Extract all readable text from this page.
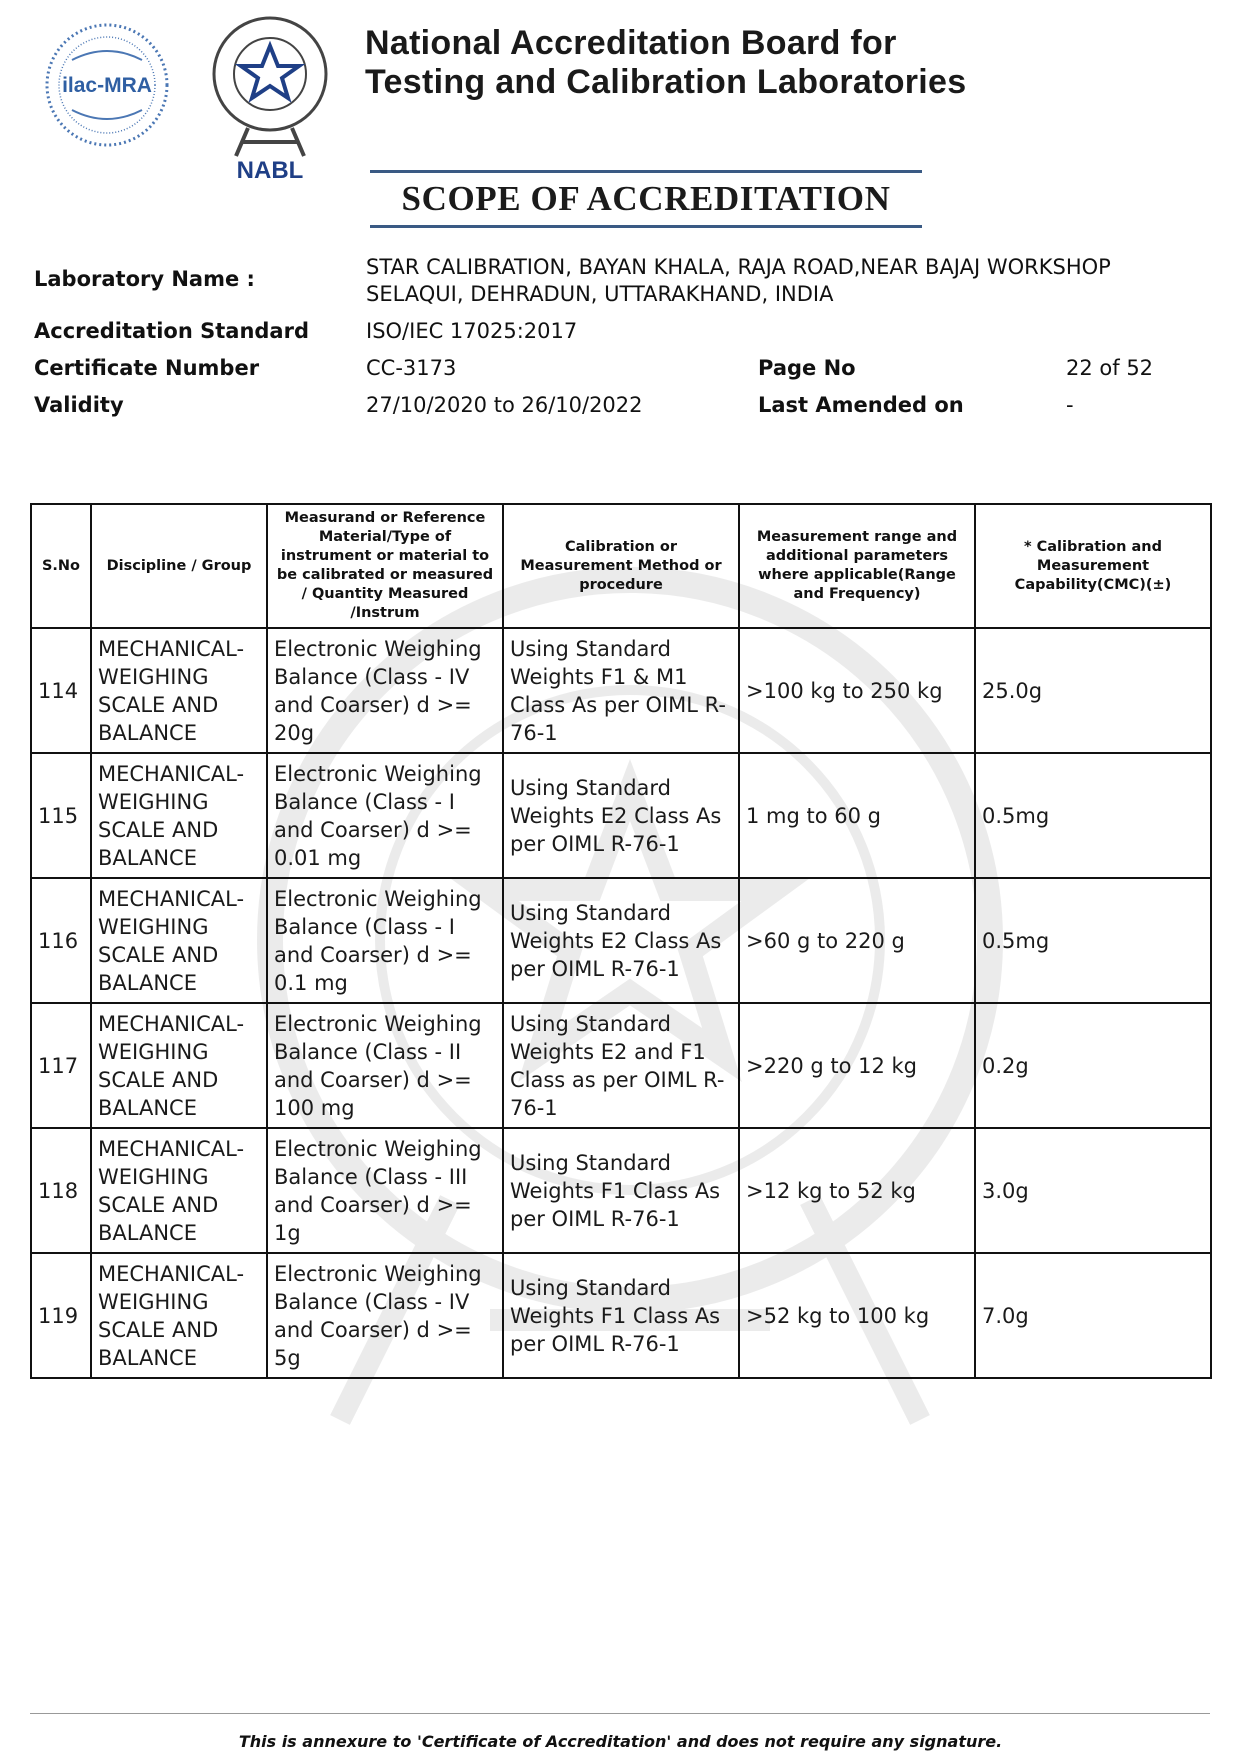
ilac-MRA
NABL
National Accreditation Board for
Testing and Calibration Laboratories
SCOPE OF ACCREDITATION
Laboratory Name :	STAR CALIBRATION, BAYAN KHALA, RAJA ROAD,NEAR BAJAJ WORKSHOP
SELAQUI, DEHRADUN, UTTARAKHAND, INDIA
Accreditation Standard	ISO/IEC 17025:2017
Certificate Number	CC-3173	Page No	22 of 52
Validity	27/10/2020 to 26/10/2022	Last Amended on	-
S.No	Discipline / Group	Measurand or Reference Material/Type of instrument or material to be calibrated or measured / Quantity Measured /Instrum	Calibration or Measurement Method or procedure	Measurement range and additional parameters where applicable(Range and Frequency)	* Calibration and Measurement Capability(CMC)(±)
114	MECHANICAL- WEIGHING SCALE AND BALANCE	Electronic Weighing Balance (Class - IV and Coarser) d >= 20g	Using Standard Weights F1 & M1 Class As per OIML R-76-1	>100 kg to 250 kg	25.0g
115	MECHANICAL- WEIGHING SCALE AND BALANCE	Electronic Weighing Balance (Class - I and Coarser) d >= 0.01 mg	Using Standard Weights E2 Class As per OIML R-76-1	1 mg to 60 g	0.5mg
116	MECHANICAL- WEIGHING SCALE AND BALANCE	Electronic Weighing Balance (Class - I and Coarser) d >= 0.1 mg	Using Standard Weights E2 Class As per OIML R-76-1	>60 g to 220 g	0.5mg
117	MECHANICAL- WEIGHING SCALE AND BALANCE	Electronic Weighing Balance (Class - II and Coarser) d >= 100 mg	Using Standard Weights E2 and F1 Class as per OIML R-76-1	>220 g to 12 kg	0.2g
118	MECHANICAL- WEIGHING SCALE AND BALANCE	Electronic Weighing Balance (Class - III and Coarser) d >= 1g	Using Standard Weights F1 Class As per OIML R-76-1	>12 kg to 52 kg	3.0g
119	MECHANICAL- WEIGHING SCALE AND BALANCE	Electronic Weighing Balance (Class - IV and Coarser) d >= 5g	Using Standard Weights F1 Class As per OIML R-76-1	>52 kg to 100 kg	7.0g
This is annexure to 'Certificate of Accreditation' and does not require any signature.
